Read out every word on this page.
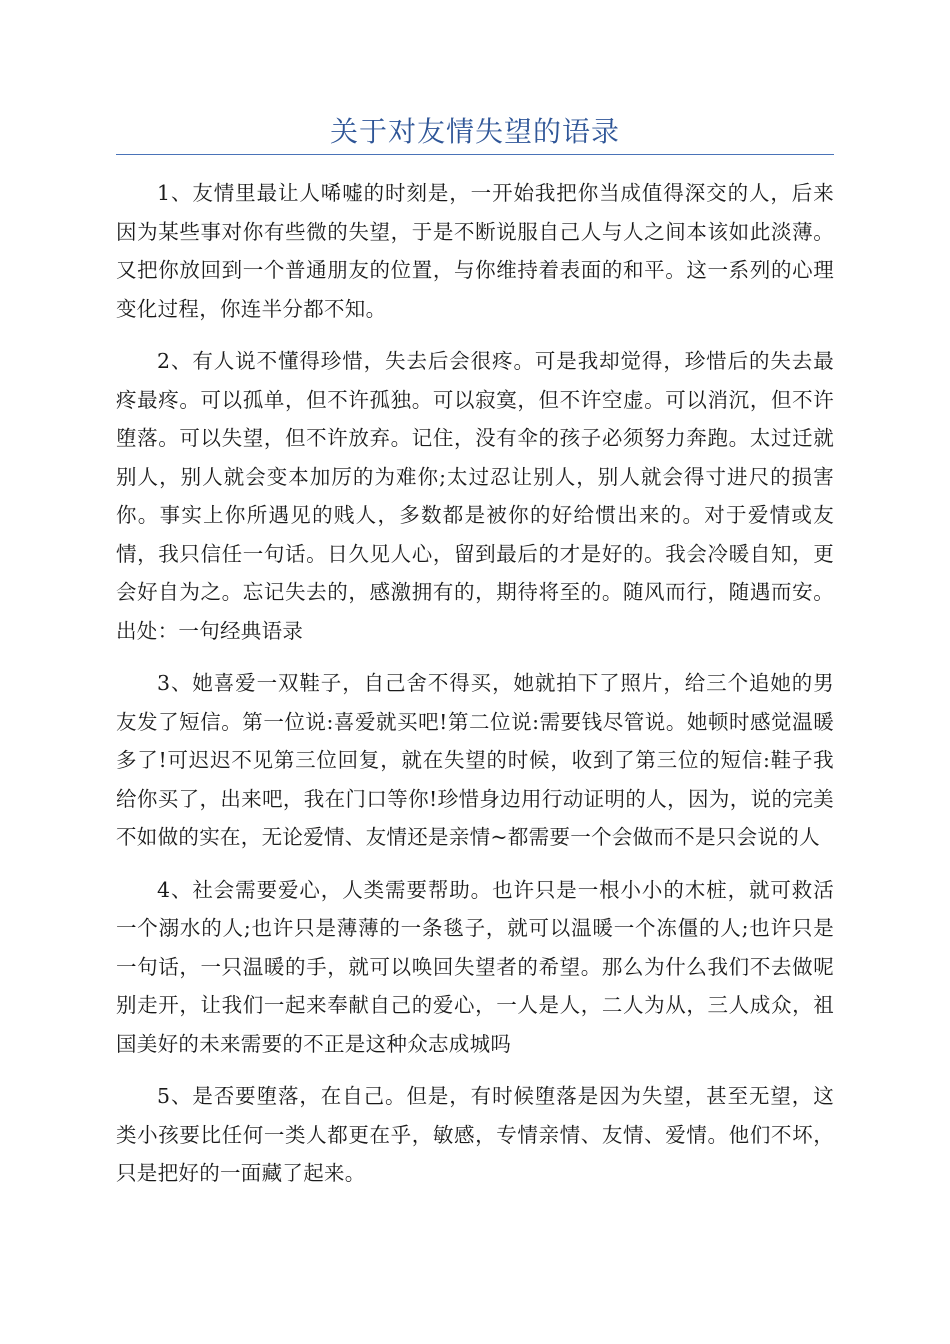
关于对友情失望的语录

1、友情里最让人唏嘘的时刻是，一开始我把你当成值得深交的人，后来因为某些事对你有些微的失望，于是不断说服自己人与人之间本该如此淡薄。又把你放回到一个普通朋友的位置，与你维持着表面的和平。这一系列的心理变化过程，你连半分都不知。

2、有人说不懂得珍惜，失去后会很疼。可是我却觉得，珍惜后的失去最疼最疼。可以孤单，但不许孤独。可以寂寞，但不许空虚。可以消沉，但不许堕落。可以失望，但不许放弃。记住，没有伞的孩子必须努力奔跑。太过迁就别人，别人就会变本加厉的为难你;太过忍让别人，别人就会得寸进尺的损害你。事实上你所遇见的贱人，多数都是被你的好给惯出来的。对于爱情或友情，我只信任一句话。日久见人心，留到最后的才是好的。我会冷暖自知，更会好自为之。忘记失去的，感激拥有的，期待将至的。随风而行，随遇而安。出处：一句经典语录

3、她喜爱一双鞋子，自己舍不得买，她就拍下了照片，给三个追她的男友发了短信。第一位说:喜爱就买吧!第二位说:需要钱尽管说。她顿时感觉温暖多了!可迟迟不见第三位回复，就在失望的时候，收到了第三位的短信:鞋子我给你买了，出来吧，我在门口等你!珍惜身边用行动证明的人，因为，说的完美不如做的实在，无论爱情、友情还是亲情~都需要一个会做而不是只会说的人

4、社会需要爱心，人类需要帮助。也许只是一根小小的木桩，就可救活一个溺水的人;也许只是薄薄的一条毯子，就可以温暖一个冻僵的人;也许只是一句话，一只温暖的手，就可以唤回失望者的希望。那么为什么我们不去做呢别走开，让我们一起来奉献自己的爱心，一人是人，二人为从，三人成众，祖国美好的未来需要的不正是这种众志成城吗

5、是否要堕落，在自己。但是，有时候堕落是因为失望，甚至无望，这类小孩要比任何一类人都更在乎，敏感，专情亲情、友情、爱情。他们不坏，只是把好的一面藏了起来。
